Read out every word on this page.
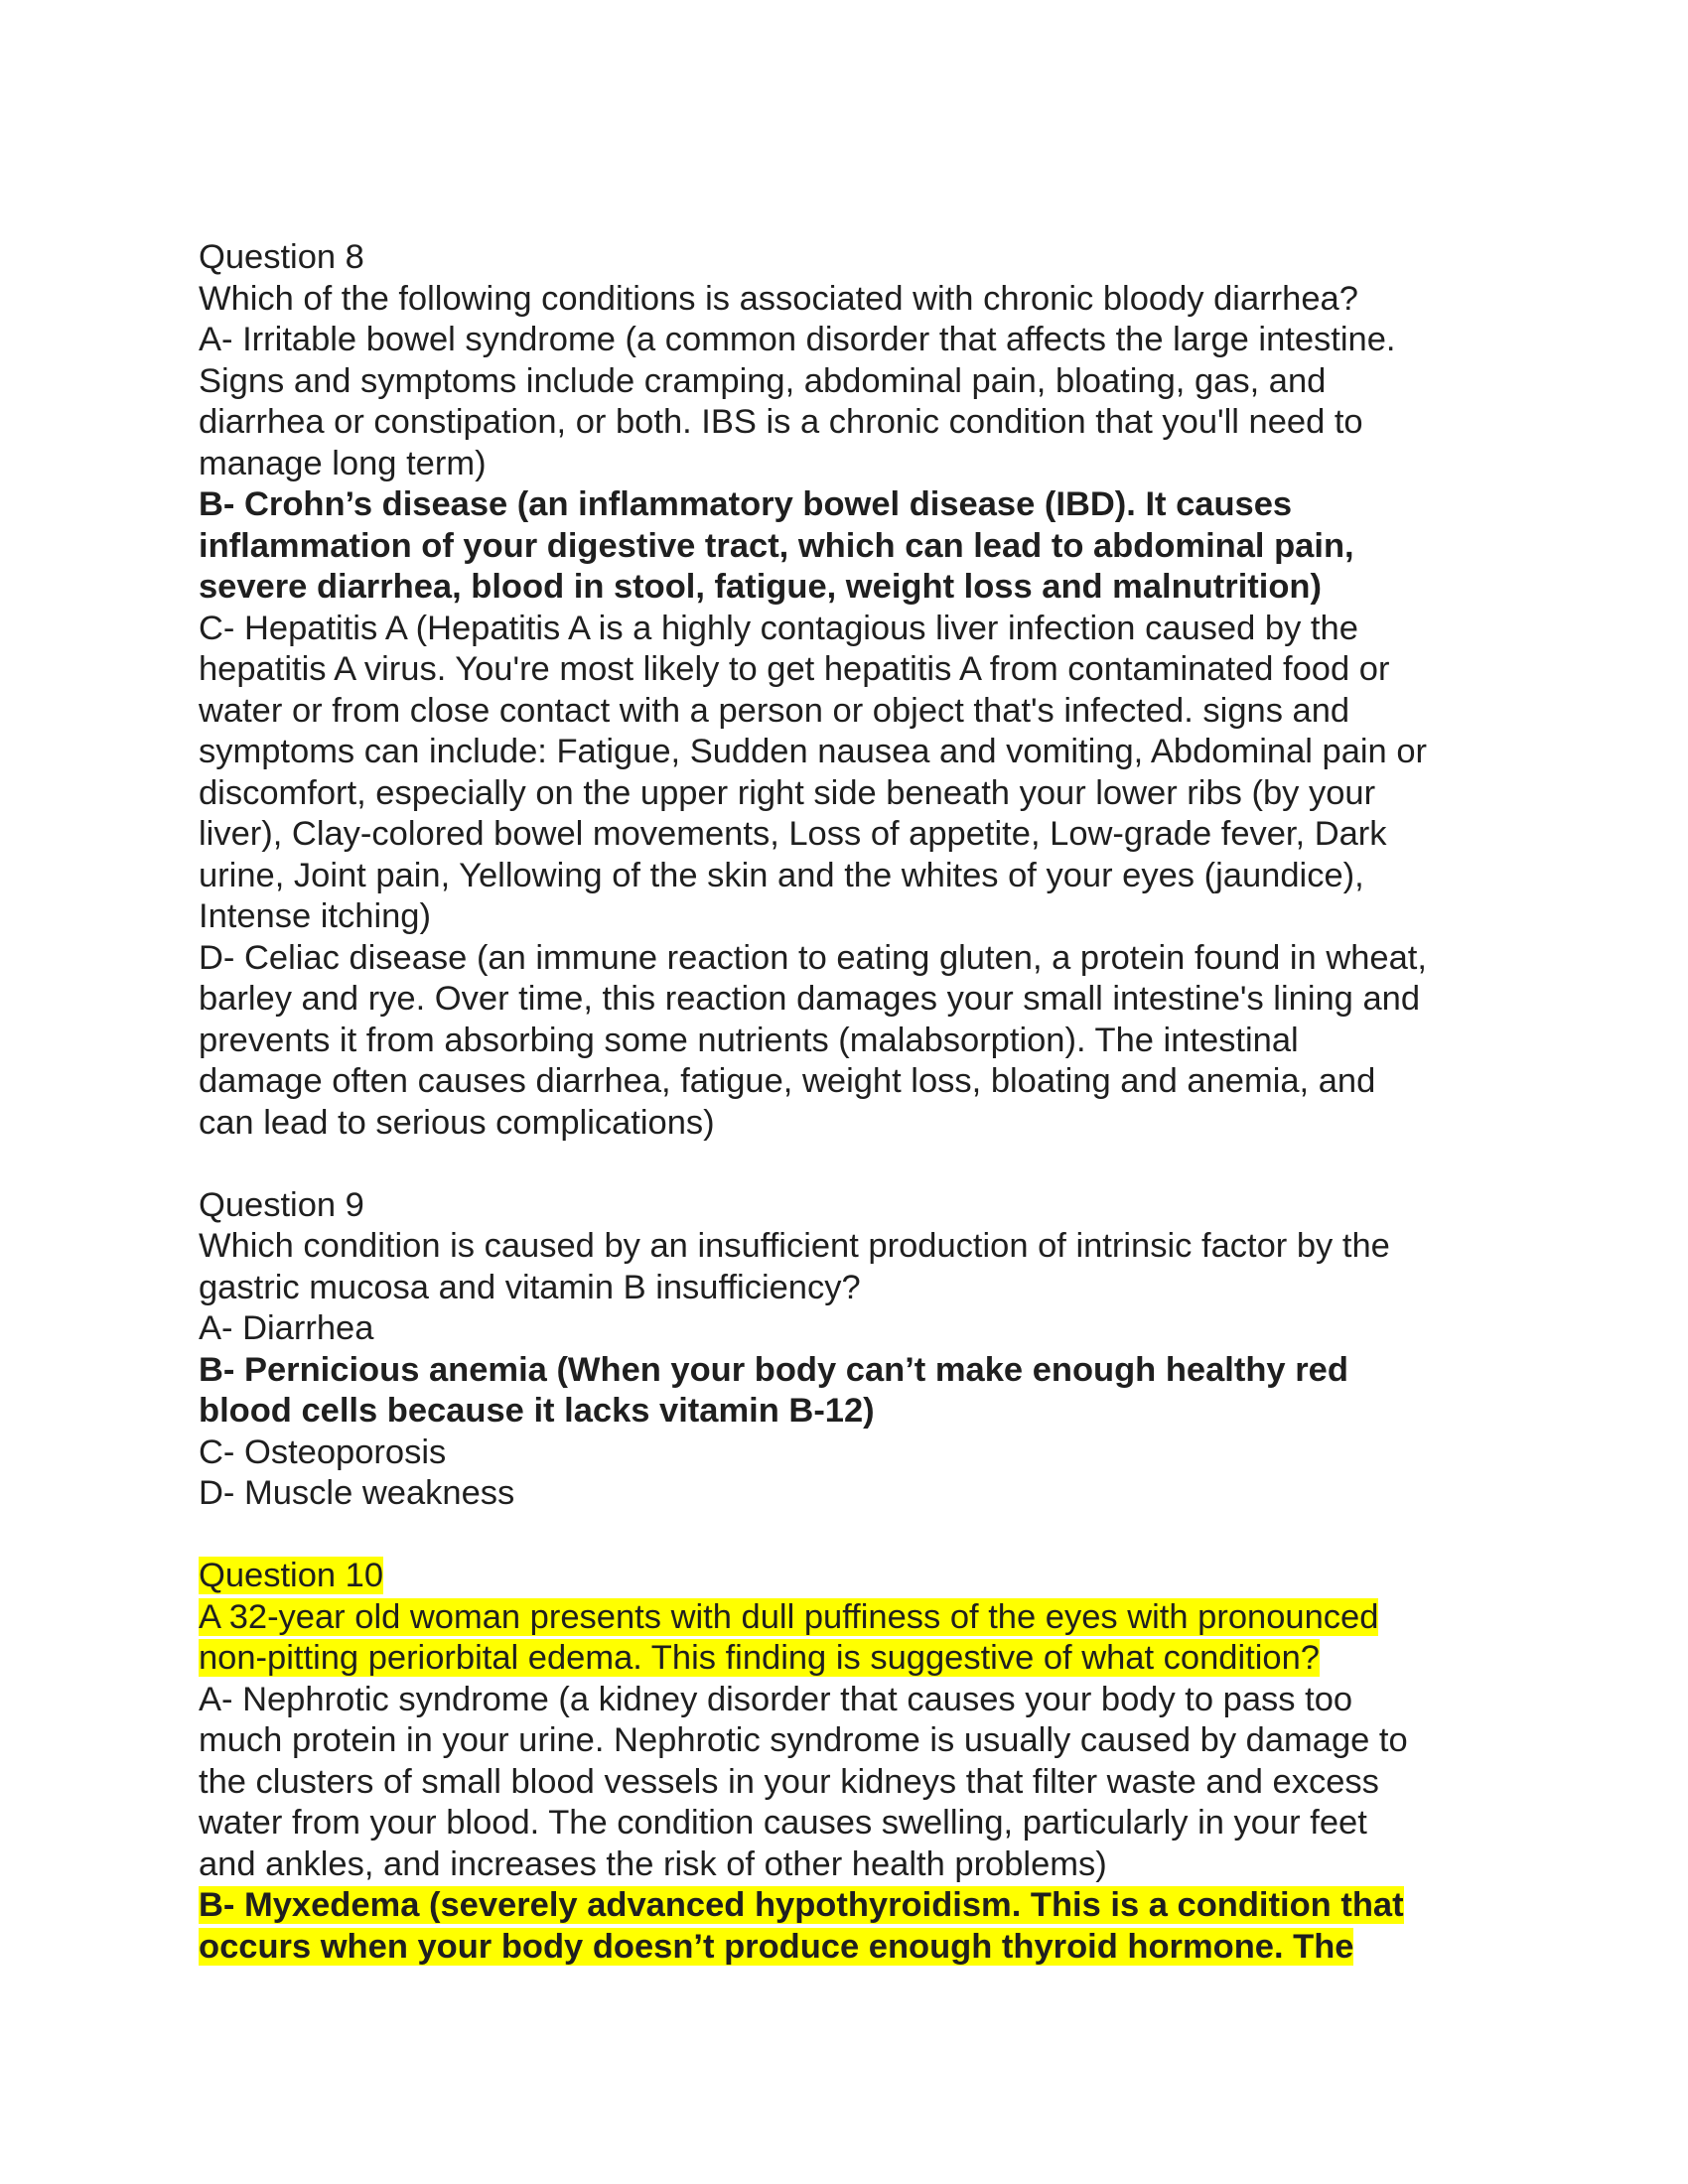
Question 8
Which of the following conditions is associated with chronic bloody diarrhea?
A- Irritable bowel syndrome (a common disorder that affects the large intestine.
Signs and symptoms include cramping, abdominal pain, bloating, gas, and
diarrhea or constipation, or both. IBS is a chronic condition that you'll need to
manage long term)
B- Crohn’s disease (an inflammatory bowel disease (IBD). It causes
inflammation of your digestive tract, which can lead to abdominal pain,
severe diarrhea, blood in stool, fatigue, weight loss and malnutrition)
C- Hepatitis A (Hepatitis A is a highly contagious liver infection caused by the
hepatitis A virus. You're most likely to get hepatitis A from contaminated food or
water or from close contact with a person or object that's infected. signs and
symptoms can include: Fatigue, Sudden nausea and vomiting, Abdominal pain or
discomfort, especially on the upper right side beneath your lower ribs (by your
liver), Clay-colored bowel movements, Loss of appetite, Low-grade fever, Dark
urine, Joint pain, Yellowing of the skin and the whites of your eyes (jaundice),
Intense itching)
D- Celiac disease (an immune reaction to eating gluten, a protein found in wheat,
barley and rye. Over time, this reaction damages your small intestine's lining and
prevents it from absorbing some nutrients (malabsorption). The intestinal
damage often causes diarrhea, fatigue, weight loss, bloating and anemia, and
can lead to serious complications)
Question 9
Which condition is caused by an insufficient production of intrinsic factor by the
gastric mucosa and vitamin B insufficiency?
A- Diarrhea
B- Pernicious anemia (When your body can’t make enough healthy red
blood cells because it lacks vitamin B-12)
C- Osteoporosis
D- Muscle weakness
Question 10
A 32-year old woman presents with dull puffiness of the eyes with pronounced
non-pitting periorbital edema. This finding is suggestive of what condition?
A- Nephrotic syndrome (a kidney disorder that causes your body to pass too
much protein in your urine. Nephrotic syndrome is usually caused by damage to
the clusters of small blood vessels in your kidneys that filter waste and excess
water from your blood. The condition causes swelling, particularly in your feet
and ankles, and increases the risk of other health problems)
B- Myxedema (severely advanced hypothyroidism. This is a condition that
occurs when your body doesn’t produce enough thyroid hormone. The
